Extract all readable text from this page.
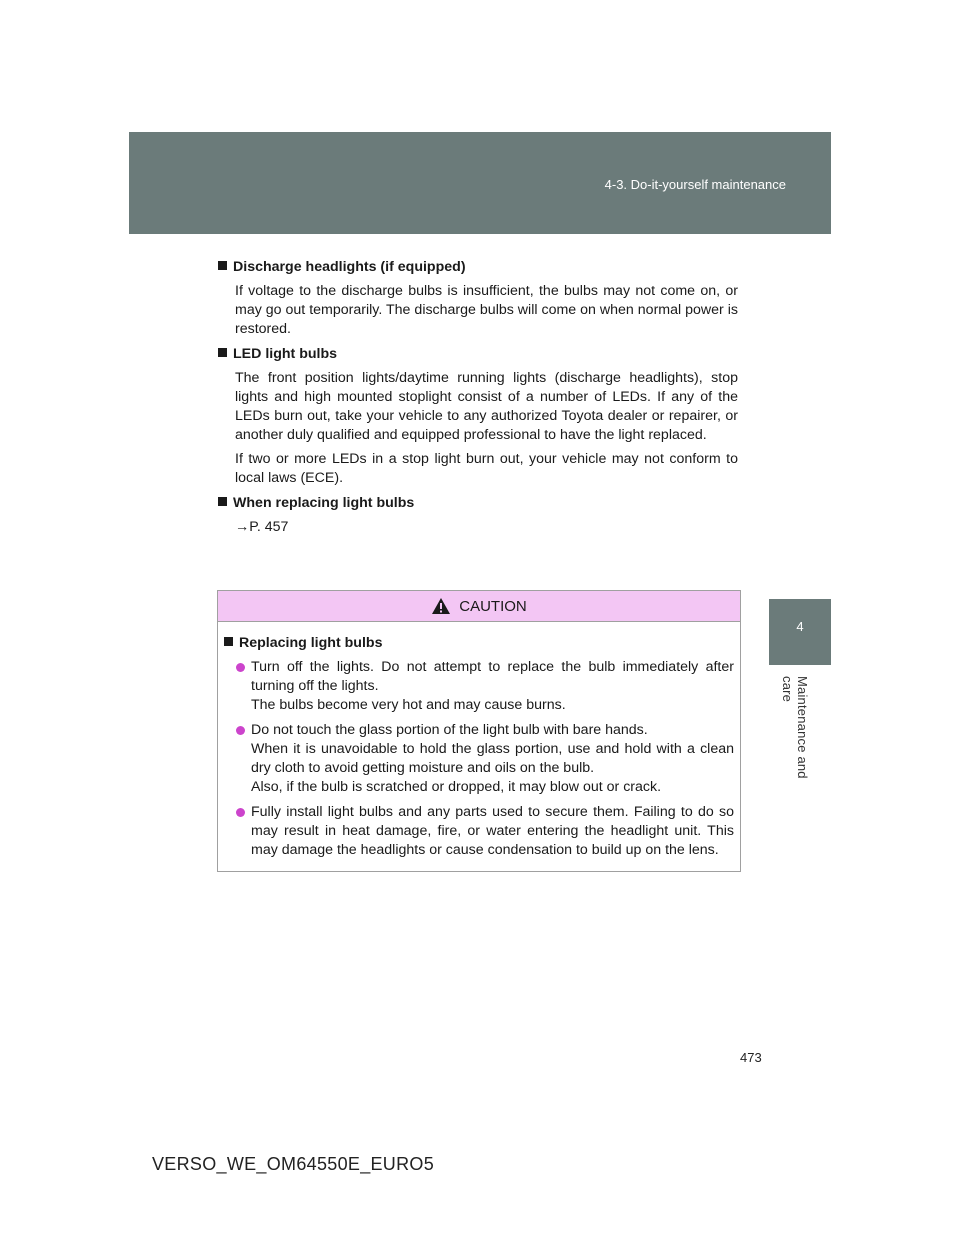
4-3. Do-it-yourself maintenance
4
Maintenance and care
Discharge headlights (if equipped)
If voltage to the discharge bulbs is insufficient, the bulbs may not come on, or may go out temporarily. The discharge bulbs will come on when normal power is restored.
LED light bulbs
The front position lights/daytime running lights (discharge headlights), stop lights and high mounted stoplight consist of a number of LEDs. If any of the LEDs burn out, take your vehicle to any authorized Toyota dealer or repairer, or another duly qualified and equipped professional to have the light replaced.
If two or more LEDs in a stop light burn out, your vehicle may not conform to local laws (ECE).
When replacing light bulbs
→P. 457
CAUTION
Replacing light bulbs
Turn off the lights. Do not attempt to replace the bulb immediately after turning off the lights.
The bulbs become very hot and may cause burns.
Do not touch the glass portion of the light bulb with bare hands.
When it is unavoidable to hold the glass portion, use and hold with a clean dry cloth to avoid getting moisture and oils on the bulb.
Also, if the bulb is scratched or dropped, it may blow out or crack.
Fully install light bulbs and any parts used to secure them. Failing to do so may result in heat damage, fire, or water entering the headlight unit. This may damage the headlights or cause condensation to build up on the lens.
473
VERSO_WE_OM64550E_EURO5
